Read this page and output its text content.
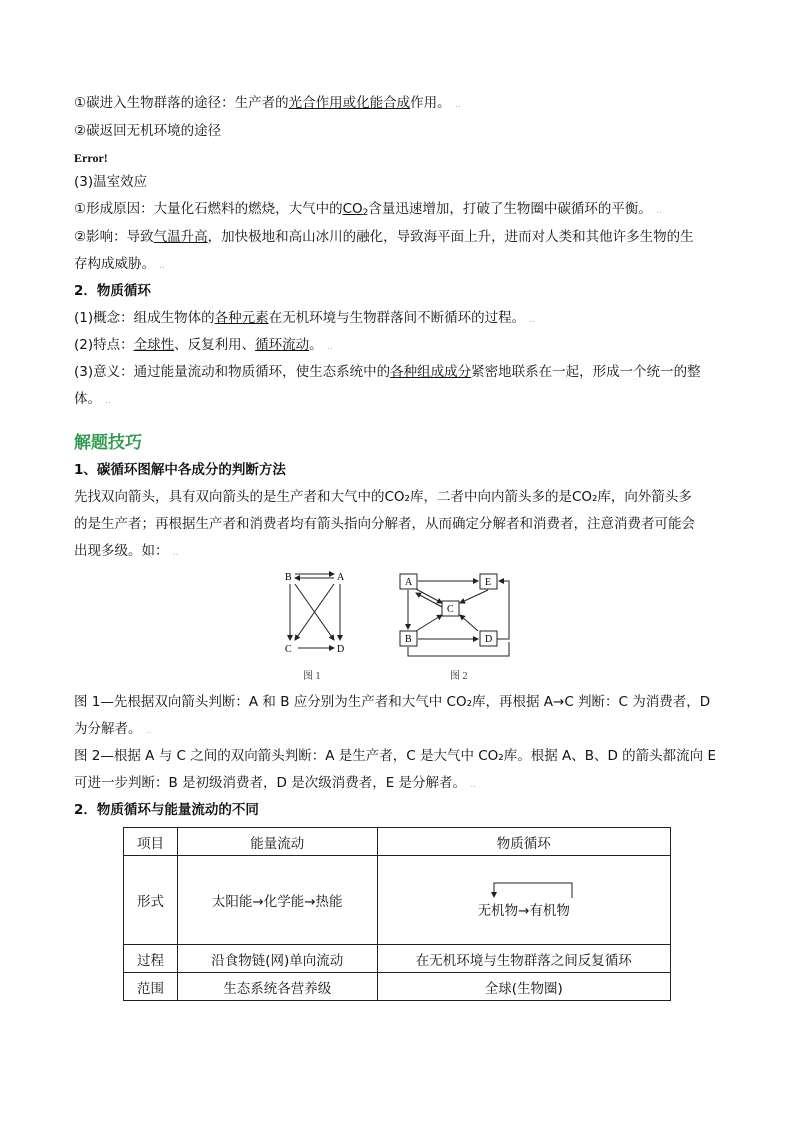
①碳进入生物群落的途径：生产者的光合作用或化能合成作用。 ..
②碳返回无机环境的途径
Error!
(3)温室效应
①形成原因：大量化石燃料的燃烧，大气中的$CO_2$含量迅速增加，打破了生物圈中碳循环的平衡。 ..
②影响：导致气温升高，加快极地和高山冰川的融化，导致海平面上升，进而对人类和其他许多生物的生
存构成威胁。 ..
2．物质循环
(1)概念：组成生物体的各种元素在无机环境与生物群落间不断循环的过程。 ..
(2)特点：全球性、反复利用、循环流动。 ..
(3)意义：通过能量流动和物质循环，使生态系统中的各种组成成分紧密地联系在一起，形成一个统一的整
体。 ..
解题技巧
1、碳循环图解中各成分的判断方法
先找双向箭头，具有双向箭头的是生产者和大气中的CO₂库，二者中向内箭头多的是CO₂库，向外箭头多
的是生产者；再根据生产者和消费者均有箭头指向分解者，从而确定分解者和消费者，注意消费者可能会
出现多级。如： ..
B	A
C	D
图 1
A	E
C
B	D
图 2
图 1—先根据双向箭头判断：A 和 B 应分别为生产者和大气中 CO₂库，再根据 A→C 判断：C 为消费者，D
为分解者。 ..
图 2—根据 A 与 C 之间的双向箭头判断：A 是生产者，C 是大气中 CO₂库。根据 A、B、D 的箭头都流向 E
可进一步判断：B 是初级消费者，D 是次级消费者，E 是分解者。 ..
2．物质循环与能量流动的不同
项目	能量流动	物质循环
形式	太阳能→化学能→热能	无机物→有机物
过程	沿食物链(网)单向流动	在无机环境与生物群落之间反复循环
范围	生态系统各营养级	全球(生物圈)
